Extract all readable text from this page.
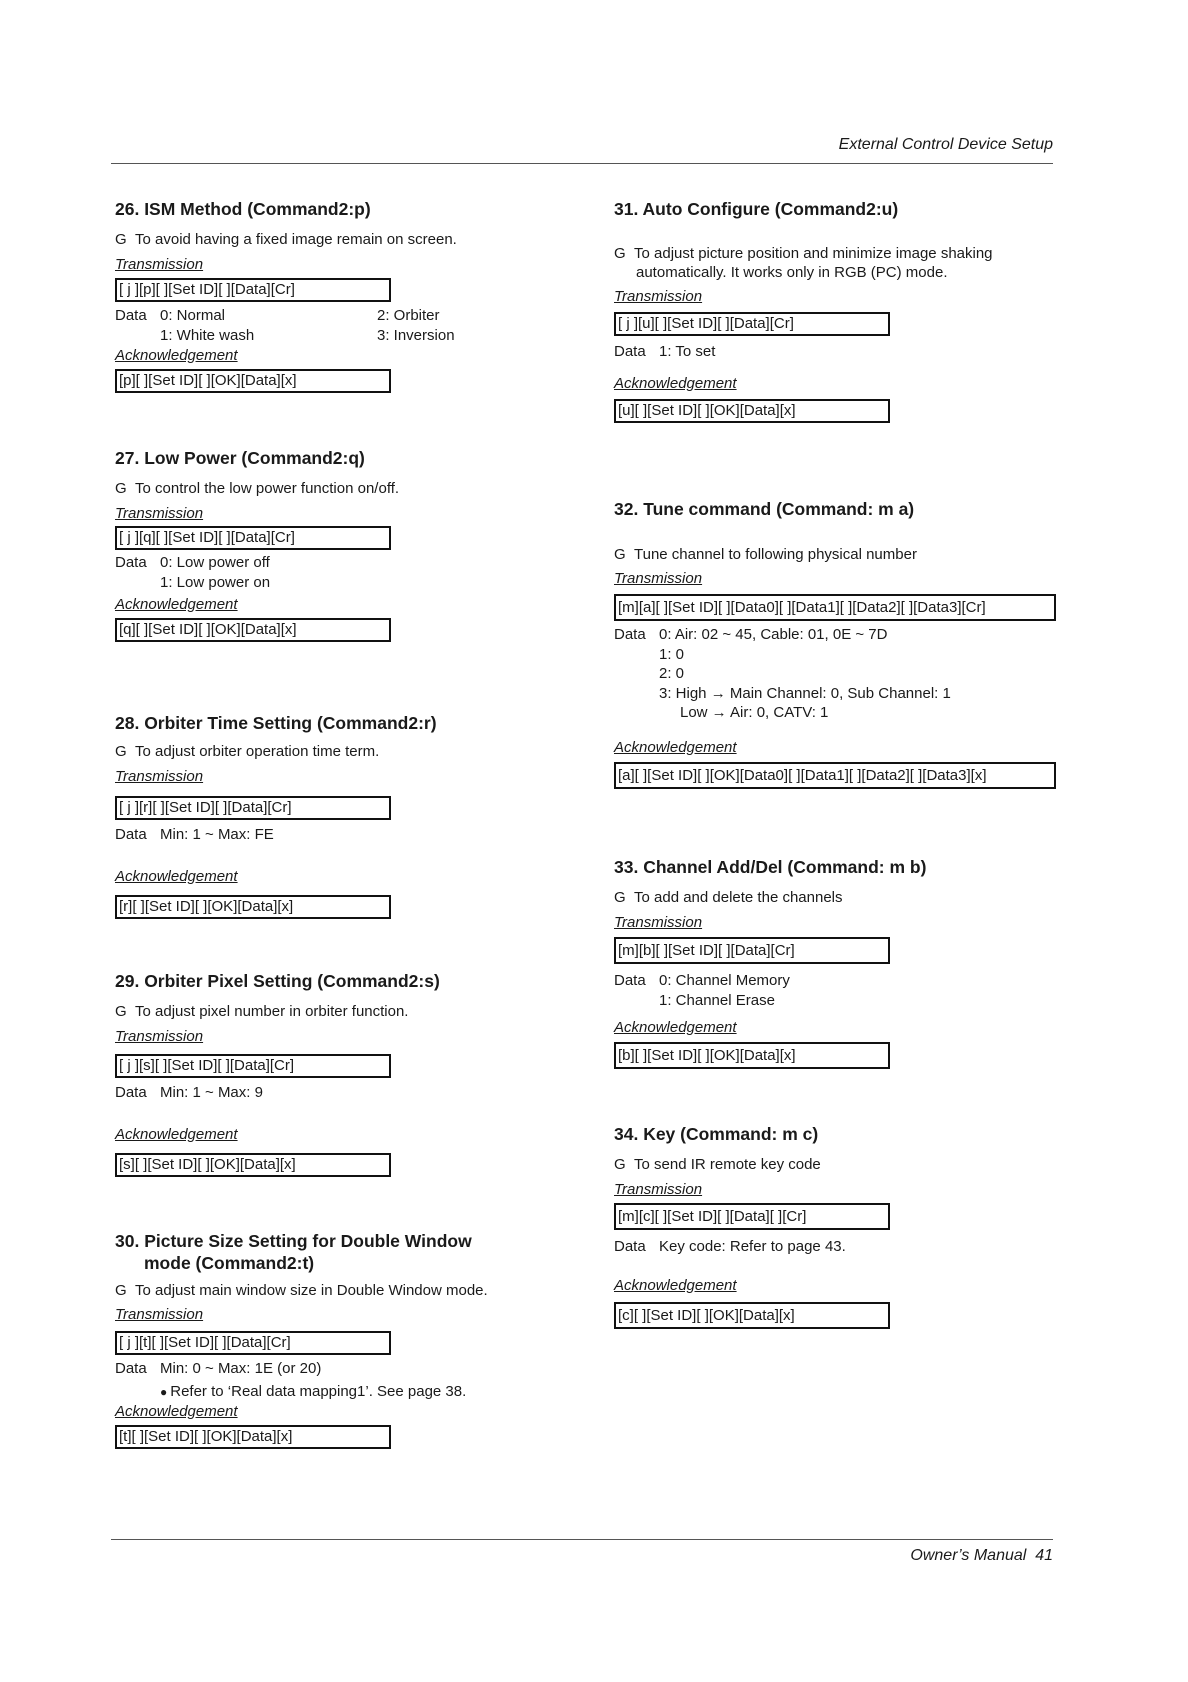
External Control Device Setup
26. ISM Method (Command2:p)
G To avoid having a fixed image remain on screen.
Transmission
[ j ][p][ ][Set ID][ ][Data][Cr]
Data 0: Normal	2: Orbiter
1: White wash	3: Inversion
Acknowledgement
[p][ ][Set ID][ ][OK][Data][x]
27. Low Power (Command2:q)
G To control the low power function on/off.
Transmission
[ j ][q][ ][Set ID][ ][Data][Cr]
Data 0: Low power off
1: Low power on
Acknowledgement
[q][ ][Set ID][ ][OK][Data][x]
28. Orbiter Time Setting (Command2:r)
G To adjust orbiter operation time term.
Transmission
[ j ][r][ ][Set ID][ ][Data][Cr]
Data Min: 1 ~ Max: FE
Acknowledgement
[r][ ][Set ID][ ][OK][Data][x]
29. Orbiter Pixel Setting (Command2:s)
G To adjust pixel number in orbiter function.
Transmission
[ j ][s][ ][Set ID][ ][Data][Cr]
Data Min: 1 ~ Max: 9
Acknowledgement
[s][ ][Set ID][ ][OK][Data][x]
30. Picture Size Setting for Double Window
mode (Command2:t)
G To adjust main window size in Double Window mode.
Transmission
[ j ][t][ ][Set ID][ ][Data][Cr]
Data Min: 0 ~ Max: 1E (or 20)
● Refer to ‘Real data mapping1’. See page 38.
Acknowledgement
[t][ ][Set ID][ ][OK][Data][x]
31. Auto Configure (Command2:u)
G To adjust picture position and minimize image shaking
automatically. It works only in RGB (PC) mode.
Transmission
[ j ][u][ ][Set ID][ ][Data][Cr]
Data 1: To set
Acknowledgement
[u][ ][Set ID][ ][OK][Data][x]
32. Tune command (Command: m a)
G Tune channel to following physical number
Transmission
[m][a][ ][Set ID][ ][Data0][ ][Data1][ ][Data2][ ][Data3][Cr]
Data 0: Air: 02 ~ 45, Cable: 01, 0E ~ 7D
1: 0
2: 0
3: High → Main Channel: 0, Sub Channel: 1
Low → Air: 0, CATV: 1
Acknowledgement
[a][ ][Set ID][ ][OK][Data0][ ][Data1][ ][Data2][ ][Data3][x]
33. Channel Add/Del (Command: m b)
G To add and delete the channels
Transmission
[m][b][ ][Set ID][ ][Data][Cr]
Data 0: Channel Memory
1: Channel Erase
Acknowledgement
[b][ ][Set ID][ ][OK][Data][x]
34. Key (Command: m c)
G To send IR remote key code
Transmission
[m][c][ ][Set ID][ ][Data][ ][Cr]
Data Key code: Refer to page 43.
Acknowledgement
[c][ ][Set ID][ ][OK][Data][x]
Owner’s Manual  41
